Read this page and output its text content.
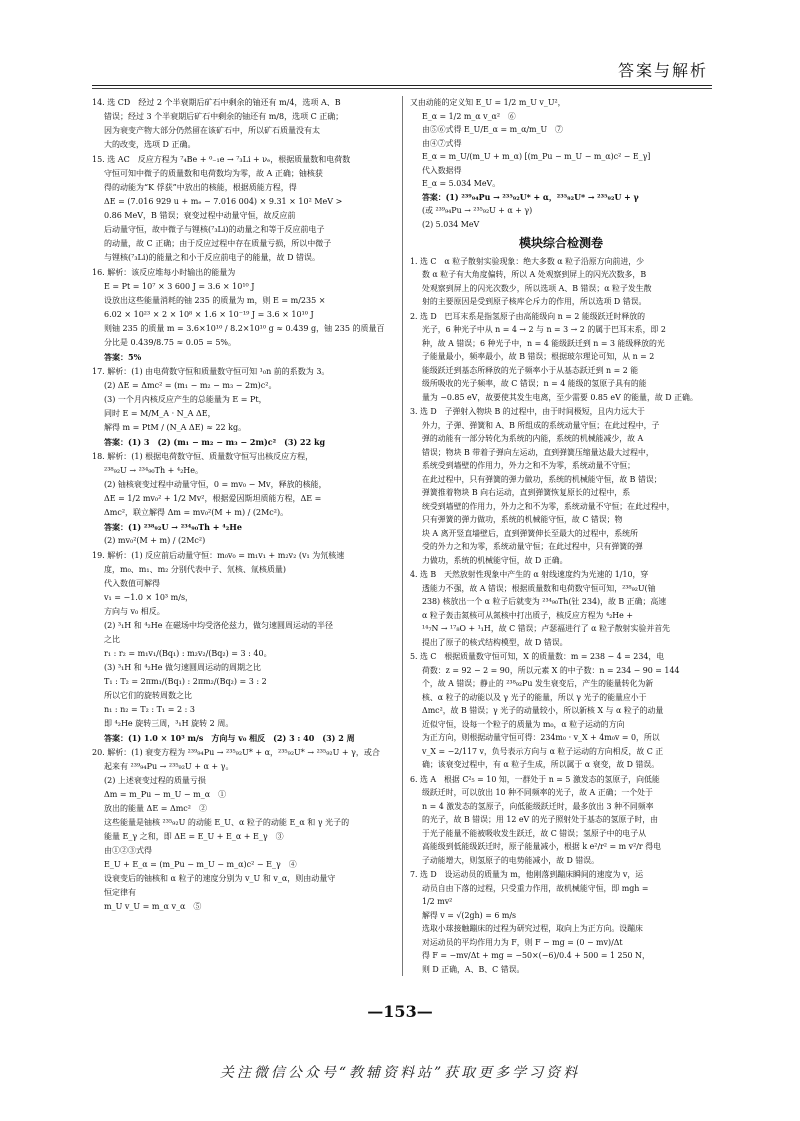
答案与解析

14. 选 CD　经过 2 个半衰期后矿石中剩余的铀还有 m/4，选项 A、B

错误；经过 3 个半衰期后矿石中剩余的铀还有 m/8，选项 C 正确；

因为衰变产物大部分仍然留在该矿石中，所以矿石质量没有太

大的改变，选项 D 正确。

15. 选 AC　反应方程为 ⁷₄Be + ⁰₋₁e → ⁷₃Li + νₑ，根据质量数和电荷数

守恒可知中微子的质量数和电荷数均为零，故 A 正确；铀核获

得的动能为“K 俘获”中放出的核能，根据质能方程，得

ΔE = (7.016 929 u + mₑ − 7.016 004) × 9.31 × 10² MeV >

0.86 MeV，B 错误；衰变过程中动量守恒，故反应前

后动量守恒，故中微子与锂核(⁷₃Li)的动量之和等于反应前电子

的动量，故 C 正确；由于反应过程中存在质量亏损，所以中微子

与锂核(⁷₃Li)的能量之和小于反应前电子的能量，故 D 错误。

16. 解析：该反应堆每小时输出的能量为

E = Pt = 10⁷ × 3 600 J = 3.6 × 10¹⁰ J

设放出这些能量消耗的铀 235 的质量为 m，则 E = m/235 ×

6.02 × 10²³ × 2 × 10⁸ × 1.6 × 10⁻¹⁹ J = 3.6 × 10¹⁰ J

则铀 235 的质量 m = 3.6×10¹⁰ / 8.2×10¹⁰ g ≈ 0.439 g，铀 235 的质量百

分比是 0.439/8.75 ≈ 0.05 = 5%。

答案：5%

17. 解析：(1) 由电荷数守恒和质量数守恒可知 ¹₀n 前的系数为 3。

(2) ΔE = Δmc² = (m₁ − m₂ − m₃ − 2m)c²。

(3) 一个月内核反应产生的总能量为 E = Pt，

同时 E = M/M_A · N_A ΔE，

解得 m = PtM / (N_A ΔE) ≈ 22 kg。

答案：(1) 3　(2) (m₁ − m₂ − m₃ − 2m)c²　(3) 22 kg

18. 解析：(1) 根据电荷数守恒、质量数守恒写出核反应方程，

²³⁸₉₂U → ²³⁴₉₀Th + ⁴₂He。

(2) 铀核衰变过程中动量守恒，0 = mv₀ − Mv，释放的核能，

ΔE = 1/2 mv₀² + 1/2 Mv²，根据爱因斯坦质能方程，ΔE =

Δmc²，联立解得 Δm = mv₀²(M + m) / (2Mc²)。

答案：(1) ²³⁸₉₂U → ²³⁴₉₀Th + ⁴₂He

(2) mv₀²(M + m) / (2Mc²)

19. 解析：(1) 反应前后动量守恒：m₀v₀ = m₁v₁ + m₂v₂ (v₁ 为氘核速

度，m₀、m₁、m₂ 分别代表中子、氘核、氚核质量)

代入数值可解得

v₁ = −1.0 × 10³ m/s，

方向与 v₀ 相反。

(2) ³₁H 和 ⁴₂He 在磁场中均受洛伦兹力，做匀速圆周运动的半径

之比

r₁ : r₂ = m₁v₁/(Bq₁) : m₂v₂/(Bq₂) = 3 : 40。

(3) ³₁H 和 ⁴₂He 做匀速圆周运动的周期之比

T₁ : T₂ = 2πm₁/(Bq₁) : 2πm₂/(Bq₂) = 3 : 2

所以它们的旋转周数之比

n₁ : n₂ = T₂ : T₁ = 2 : 3

即 ⁴₂He 旋转三周，³₁H 旋转 2 周。

答案：(1) 1.0 × 10³ m/s　方向与 v₀ 相反　(2) 3 : 40　(3) 2 周

20. 解析：(1) 衰变方程为 ²³⁹₉₄Pu → ²³⁵₉₂U* + α，²³⁵₉₂U* → ²³⁵₉₂U + γ，或合

起来有 ²³⁹₉₄Pu → ²³⁵₉₂U + α + γ。

(2) 上述衰变过程的质量亏损

Δm = m_Pu − m_U − m_α　①

放出的能量 ΔE = Δmc²　②

这些能量是铀核 ²³⁵₉₂U 的动能 E_U、α 粒子的动能 E_α 和 γ 光子的

能量 E_γ 之和，即 ΔE = E_U + E_α + E_γ　③

由①②③式得

E_U + E_α = (m_Pu − m_U − m_α)c² − E_γ　④

设衰变后的铀核和 α 粒子的速度分别为 v_U 和 v_α，则由动量守

恒定律有

m_U v_U = m_α v_α　⑤

又由动能的定义知 E_U = 1/2 m_U v_U²，

E_α = 1/2 m_α v_α²　⑥

由⑤⑥式得 E_U/E_α = m_α/m_U　⑦

由④⑦式得

E_α = m_U/(m_U + m_α) [(m_Pu − m_U − m_α)c² − E_γ]

代入数据得

E_α = 5.034 MeV。

答案：(1) ²³⁹₉₄Pu → ²³⁵₉₂U* + α，²³⁵₉₂U* → ²³⁵₉₂U + γ

(或 ²³⁹₉₄Pu → ²³⁵₉₂U + α + γ)

(2) 5.034 MeV

模块综合检测卷

1. 选 C　α 粒子散射实验现象：绝大多数 α 粒子沿原方向前进，少

数 α 粒子有大角度偏转，所以 A 处观察到屏上的闪光次数多，B

处观察到屏上的闪光次数少，所以选项 A、B 错误；α 粒子发生散

射的主要原因是受到原子核库仑斥力的作用，所以选项 D 错误。

2. 选 D　巴耳末系是指氢原子由高能级向 n = 2 能级跃迁时释放的

光子，6 种光子中从 n = 4 → 2 与 n = 3 → 2 的属于巴耳末系，即 2

种，故 A 错误；6 种光子中，n = 4 能级跃迁到 n = 3 能级释放的光

子能量最小，频率最小，故 B 错误；根据玻尔理论可知，从 n = 2

能级跃迁到基态所释放的光子频率小于从基态跃迁到 n = 2 能

级所吸收的光子频率，故 C 错误；n = 4 能级的氢原子具有的能

量为 −0.85 eV，故要使其发生电离，至少需要 0.85 eV 的能量，故 D 正确。

3. 选 D　子弹射入物块 B 的过程中，由于时间极短，且内力远大于

外力，子弹、弹簧和 A、B 所组成的系统动量守恒；在此过程中，子

弹的动能有一部分转化为系统的内能，系统的机械能减少，故 A

错误；物块 B 带着子弹向左运动，直到弹簧压缩量达最大过程中，

系统受到墙壁的作用力，外力之和不为零，系统动量不守恒；

在此过程中，只有弹簧的弹力做功，系统的机械能守恒，故 B 错误；

弹簧推着物块 B 向右运动，直到弹簧恢复原长的过程中，系

统受到墙壁的作用力，外力之和不为零，系统动量不守恒；在此过程中，

只有弹簧的弹力做功，系统的机械能守恒，故 C 错误；物

块 A 离开竖直墙壁后，直到弹簧伸长至最大的过程中，系统所

受的外力之和为零，系统动量守恒；在此过程中，只有弹簧的弹

力做功，系统的机械能守恒，故 D 正确。

4. 选 B　天然放射性现象中产生的 α 射线速度约为光速的 1/10，穿

透能力不强，故 A 错误；根据质量数和电荷数守恒可知，²³⁸₉₂U(铀

238) 核放出一个 α 粒子后就变为 ²³⁴₉₀Th(钍 234)，故 B 正确；高速

α 粒子轰击氮核可从氮核中打出质子，核反应方程为 ⁴₂He +

¹⁴₇N → ¹⁷₈O + ¹₁H，故 C 错误；卢瑟福进行了 α 粒子散射实验并首先

提出了原子的核式结构模型，故 D 错误。

5. 选 C　根据质量数守恒可知，X 的质量数：m = 238 − 4 = 234，电

荷数：z = 92 − 2 = 90，所以元素 X 的中子数：n = 234 − 90 = 144

个，故 A 错误；静止的 ²³⁸₉₂Pu 发生衰变后，产生的能量转化为新

核、α 粒子的动能以及 γ 光子的能量，所以 γ 光子的能量应小于

Δmc²，故 B 错误；γ 光子的动量较小，所以新核 X 与 α 粒子的动量

近似守恒，设每一个粒子的质量为 m₀，α 粒子运动的方向

为正方向，则根据动量守恒可得：234m₀ · v_X + 4m₀v = 0，所以

v_X = −2/117 v，负号表示方向与 α 粒子运动的方向相反，故 C 正

确；该衰变过程中，有 α 粒子生成，所以属于 α 衰变，故 D 错误。

6. 选 A　根据 C²₅ = 10 知，一群处于 n = 5 激发态的氢原子，向低能

级跃迁时，可以放出 10 种不同频率的光子，故 A 正确；一个处于

n = 4 激发态的氢原子，向低能级跃迁时，最多放出 3 种不同频率

的光子，故 B 错误；用 12 eV 的光子照射处于基态的氢原子时，由

于光子能量不能被吸收发生跃迁，故 C 错误；氢原子中的电子从

高能级到低能级跃迁时，原子能量减小，根据 k e²/r² = m v²/r 得电

子动能增大，则氢原子的电势能减小，故 D 错误。

7. 选 D　设运动员的质量为 m，他刚落到蹦床瞬间的速度为 v，运

动员自由下落的过程，只受重力作用，故机械能守恒，即 mgh =

1/2 mv²

解得 v = √(2gh) = 6 m/s

选取小球接触蹦床的过程为研究过程，取向上为正方向。设蹦床

对运动员的平均作用力为 F，则 F − mg = (0 − mv)/Δt

得 F = −mv/Δt + mg = −50×(−6)/0.4 + 500 = 1 250 N，

则 D 正确，A、B、C 错误。

—153—
关注微信公众号“教辅资料站”获取更多学习资料
